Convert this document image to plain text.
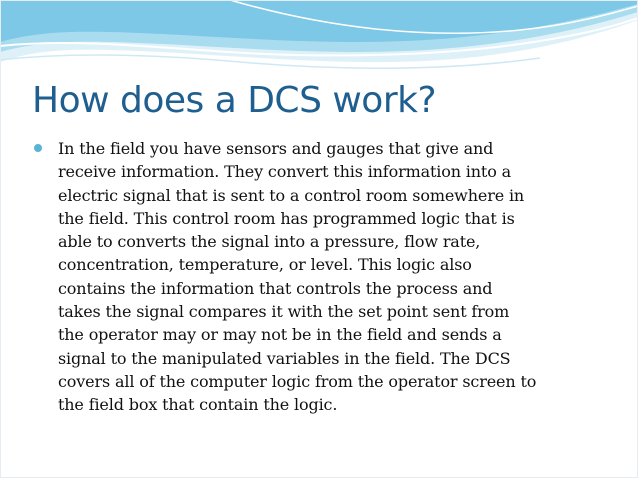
How does a DCS work?
In the field you have sensors and gauges that give and
receive information. They convert this information into a
electric signal that is sent to a control room somewhere in
the field. This control room has programmed logic that is
able to converts the signal into a pressure, flow rate,
concentration, temperature, or level. This logic also
contains the information that controls the process and
takes the signal compares it with the set point sent from
the operator may or may not be in the field and sends a
signal to the manipulated variables in the field. The DCS
covers all of the computer logic from the operator screen to
the field box that contain the logic.
